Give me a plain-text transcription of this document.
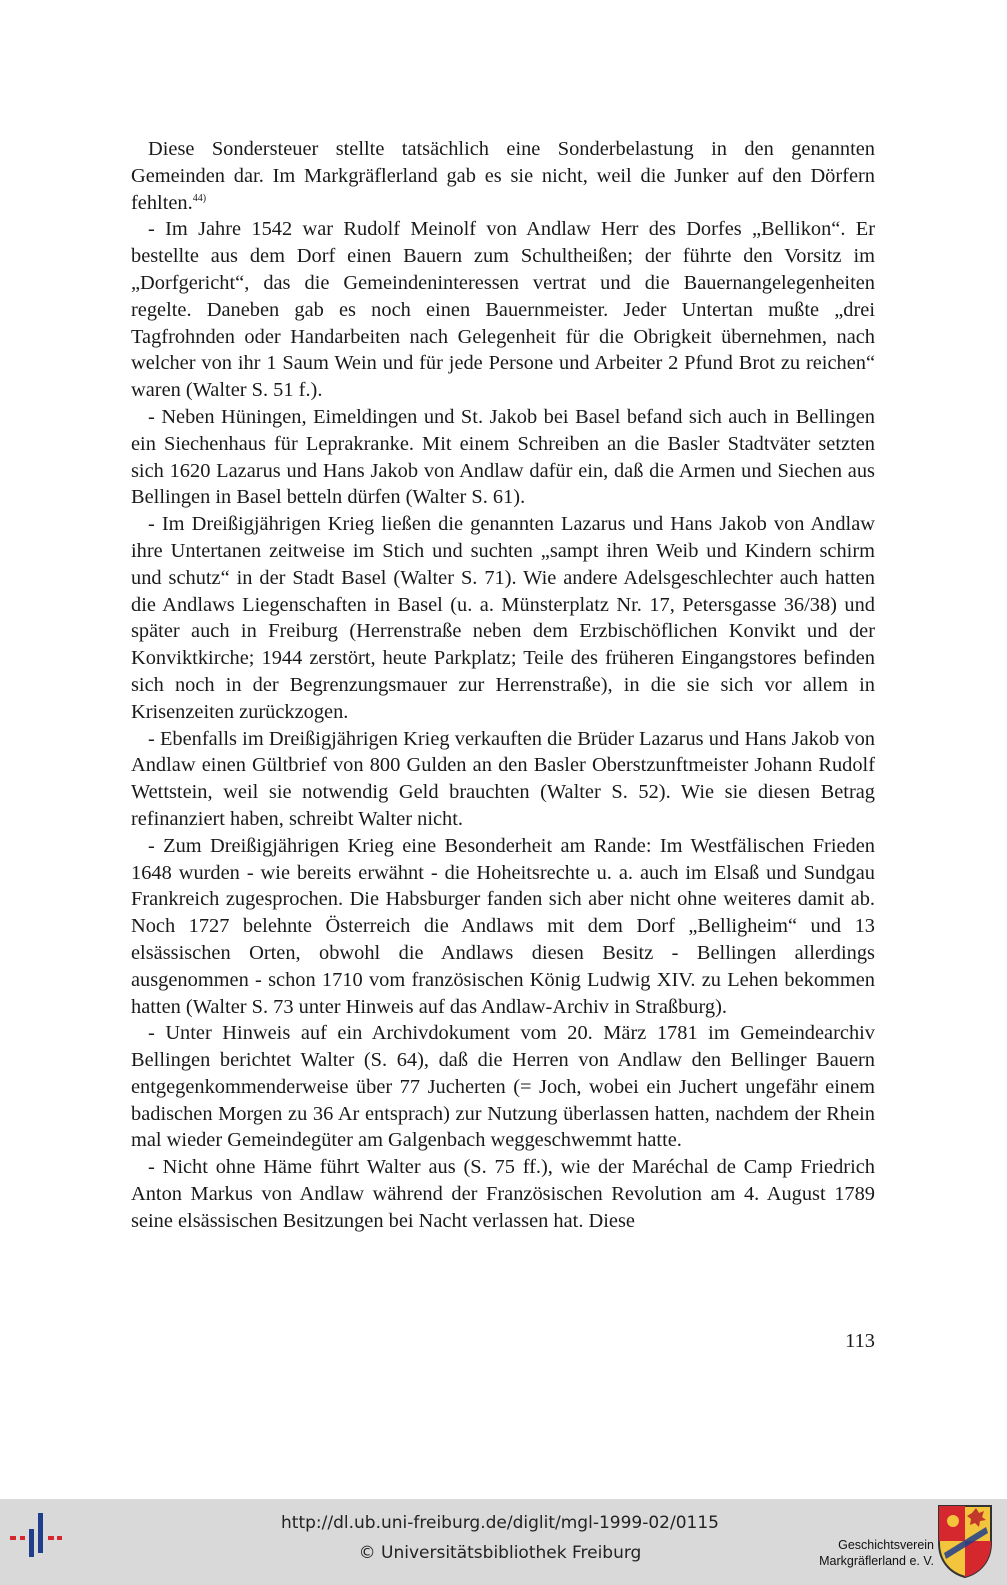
Diese Sondersteuer stellte tatsächlich eine Sonderbelastung in den genannten Gemeinden dar. Im Markgräflerland gab es sie nicht, weil die Junker auf den Dörfern fehlten.$^{44)}$

- Im Jahre 1542 war Rudolf Meinolf von Andlaw Herr des Dorfes „Bellikon“. Er bestellte aus dem Dorf einen Bauern zum Schultheißen; der führte den Vorsitz im „Dorfgericht“, das die Gemeindeninteressen vertrat und die Bauernangelegenheiten regelte. Daneben gab es noch einen Bauernmeister. Jeder Untertan mußte „drei Tagfrohnden oder Handarbeiten nach Gelegenheit für die Obrigkeit übernehmen, nach welcher von ihr 1 Saum Wein und für jede Persone und Arbeiter 2 Pfund Brot zu reichen“ waren (Walter S. 51 f.).

- Neben Hüningen, Eimeldingen und St. Jakob bei Basel befand sich auch in Bellingen ein Siechenhaus für Leprakranke. Mit einem Schreiben an die Basler Stadtväter setzten sich 1620 Lazarus und Hans Jakob von Andlaw dafür ein, daß die Armen und Siechen aus Bellingen in Basel betteln dürfen (Walter S. 61).

- Im Dreißigjährigen Krieg ließen die genannten Lazarus und Hans Jakob von Andlaw ihre Untertanen zeitweise im Stich und suchten „sampt ihren Weib und Kindern schirm und schutz“ in der Stadt Basel (Walter S. 71). Wie andere Adelsgeschlechter auch hatten die Andlaws Liegenschaften in Basel (u. a. Münsterplatz Nr. 17, Petersgasse 36/38) und später auch in Freiburg (Herrenstraße neben dem Erzbischöflichen Konvikt und der Konviktkirche; 1944 zerstört, heute Parkplatz; Teile des früheren Eingangstores befinden sich noch in der Begrenzungsmauer zur Herrenstraße), in die sie sich vor allem in Krisenzeiten zurückzogen.

- Ebenfalls im Dreißigjährigen Krieg verkauften die Brüder Lazarus und Hans Jakob von Andlaw einen Gültbrief von 800 Gulden an den Basler Oberstzunftmeister Johann Rudolf Wettstein, weil sie notwendig Geld brauchten (Walter S. 52). Wie sie diesen Betrag refinanziert haben, schreibt Walter nicht.

- Zum Dreißigjährigen Krieg eine Besonderheit am Rande: Im Westfälischen Frieden 1648 wurden - wie bereits erwähnt - die Hoheitsrechte u. a. auch im Elsaß und Sundgau Frankreich zugesprochen. Die Habsburger fanden sich aber nicht ohne weiteres damit ab. Noch 1727 belehnte Österreich die Andlaws mit dem Dorf „Belligheim“ und 13 elsässischen Orten, obwohl die Andlaws diesen Besitz - Bellingen allerdings ausgenommen - schon 1710 vom französischen König Ludwig XIV. zu Lehen bekommen hatten (Walter S. 73 unter Hinweis auf das Andlaw-Archiv in Straßburg).

- Unter Hinweis auf ein Archivdokument vom 20. März 1781 im Gemeindearchiv Bellingen berichtet Walter (S. 64), daß die Herren von Andlaw den Bellinger Bauern entgegenkommenderweise über 77 Jucherten (= Joch, wobei ein Juchert ungefähr einem badischen Morgen zu 36 Ar entsprach) zur Nutzung überlassen hatten, nachdem der Rhein mal wieder Gemeindegüter am Galgenbach weggeschwemmt hatte.

- Nicht ohne Häme führt Walter aus (S. 75 ff.), wie der Maréchal de Camp Friedrich Anton Markus von Andlaw während der Französischen Revolution am 4. August 1789 seine elsässischen Besitzungen bei Nacht verlassen hat. Diese

113
http://dl.ub.uni-freiburg.de/diglit/mgl-1999-02/0115
© Universitätsbibliothek Freiburg	Geschichtsverein
Markgräflerland e. V.
